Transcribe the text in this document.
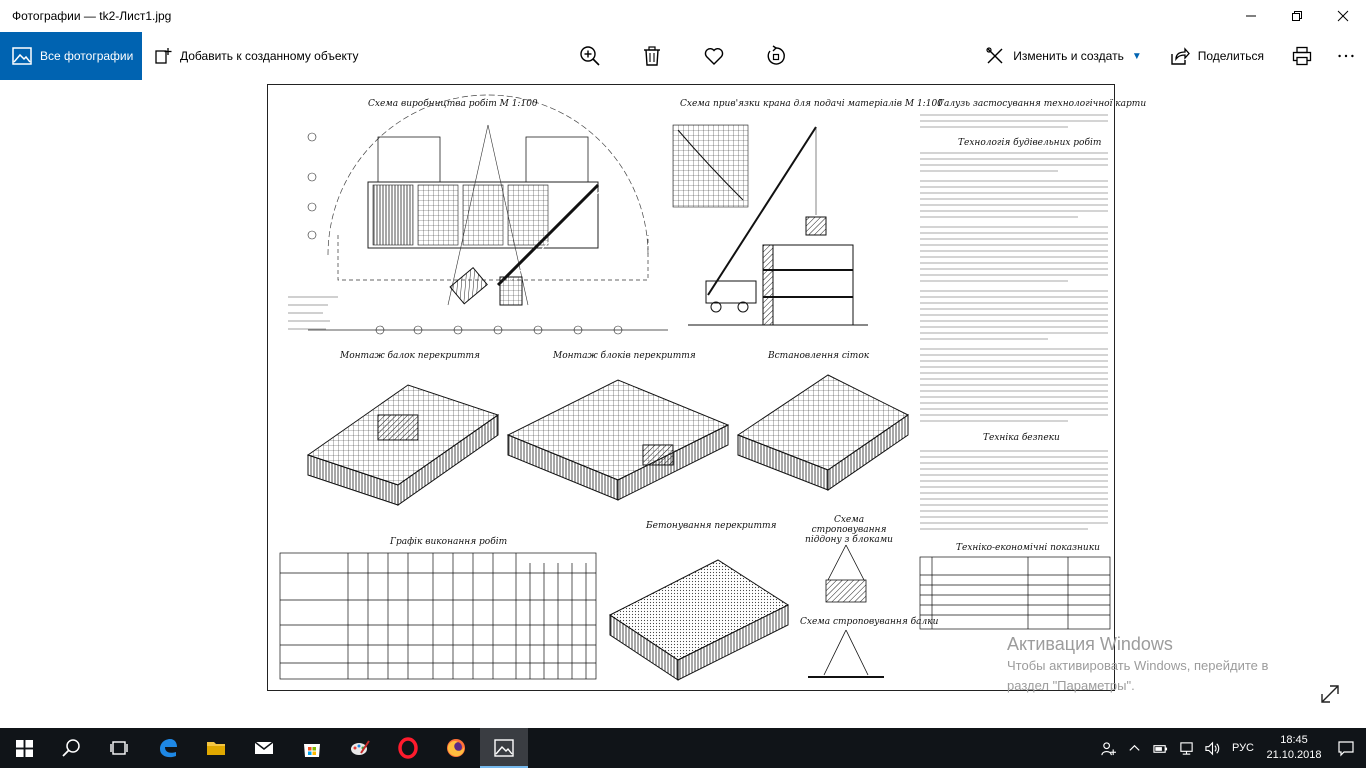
Фотографии — tk2-Лист1.jpg
Все фотографии	Добавить к созданному объекту	Изменить и создать ▼	Поделиться
Схема виробництва робіт М 1:100	Схема прив'язки крана для подачі матеріалів М 1:100
Галузь застосування технологічної карти
Технологія будівельних робіт
Монтаж балок перекриття	Монтаж блоків перекриття	Встановлення сіток
Техніка безпеки
Графік виконання робіт
Бетонування перекриття
Схема строповування піддону з блоками
Схема строповування балки
Техніко-економічні показники
Активация Windows
Чтобы активировать Windows, перейдите в
раздел "Параметры".
РУС
18:45
21.10.2018
